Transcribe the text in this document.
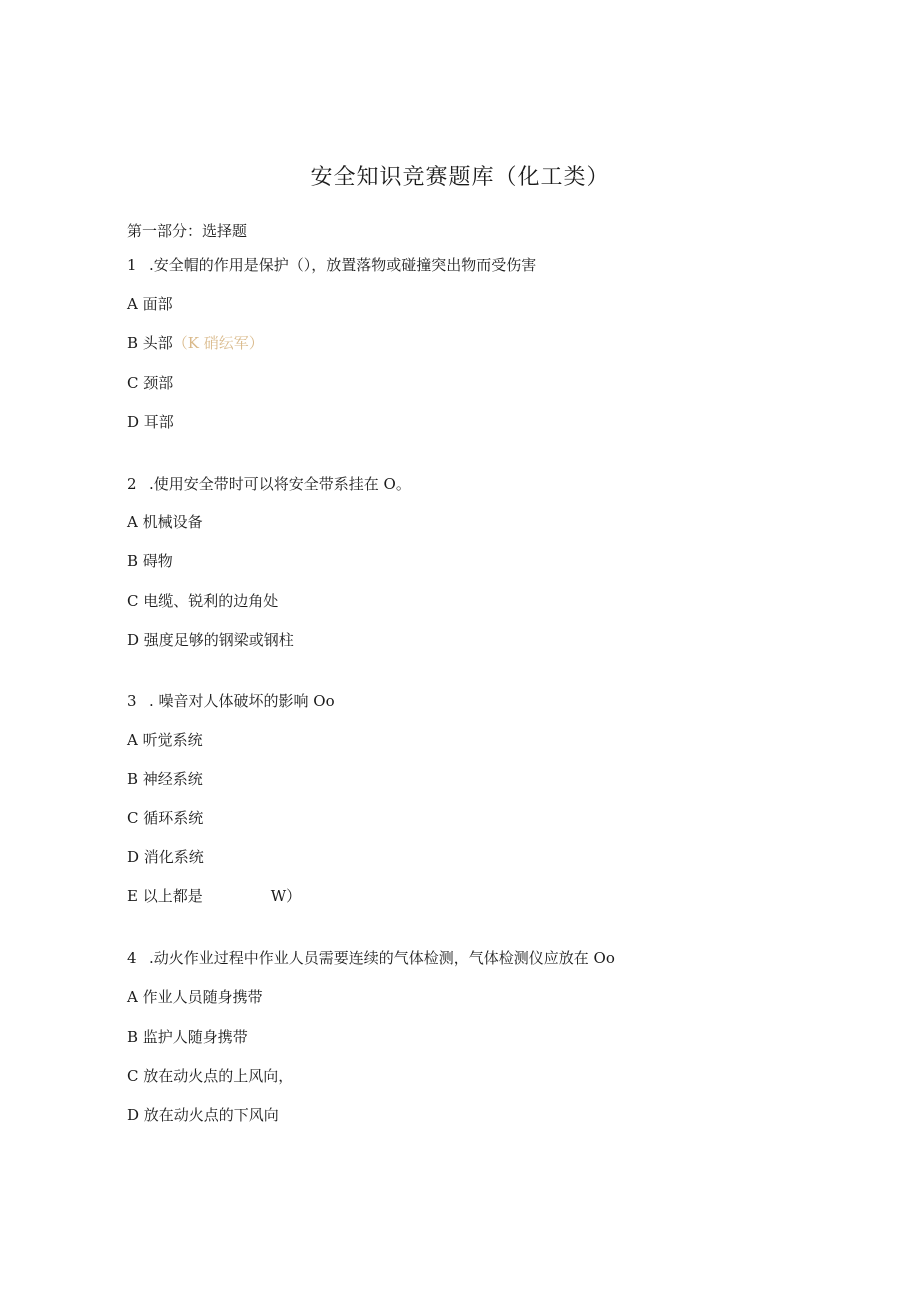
安全知识竞赛题库（化工类）
第一部分：选择题
1 .安全帽的作用是保护（），放置落物或碰撞突出物而受伤害
A 面部
B 头部（K 硝纭军）
C 颈部
D 耳部
2 .使用安全带时可以将安全带系挂在 O。
A 机械设备
B 碍物
C 电缆、锐利的边角处
D 强度足够的钢梁或钢柱
3 . 噪音对人体破坏的影响 Oo
A 听觉系统
B 神经系统
C 循环系统
D 消化系统
E 以上都是	W）
4 .动火作业过程中作业人员需要连续的气体检测，气体检测仪应放在 Oo
A 作业人员随身携带
B 监护人随身携带
C 放在动火点的上风向，
D 放在动火点的下风向
